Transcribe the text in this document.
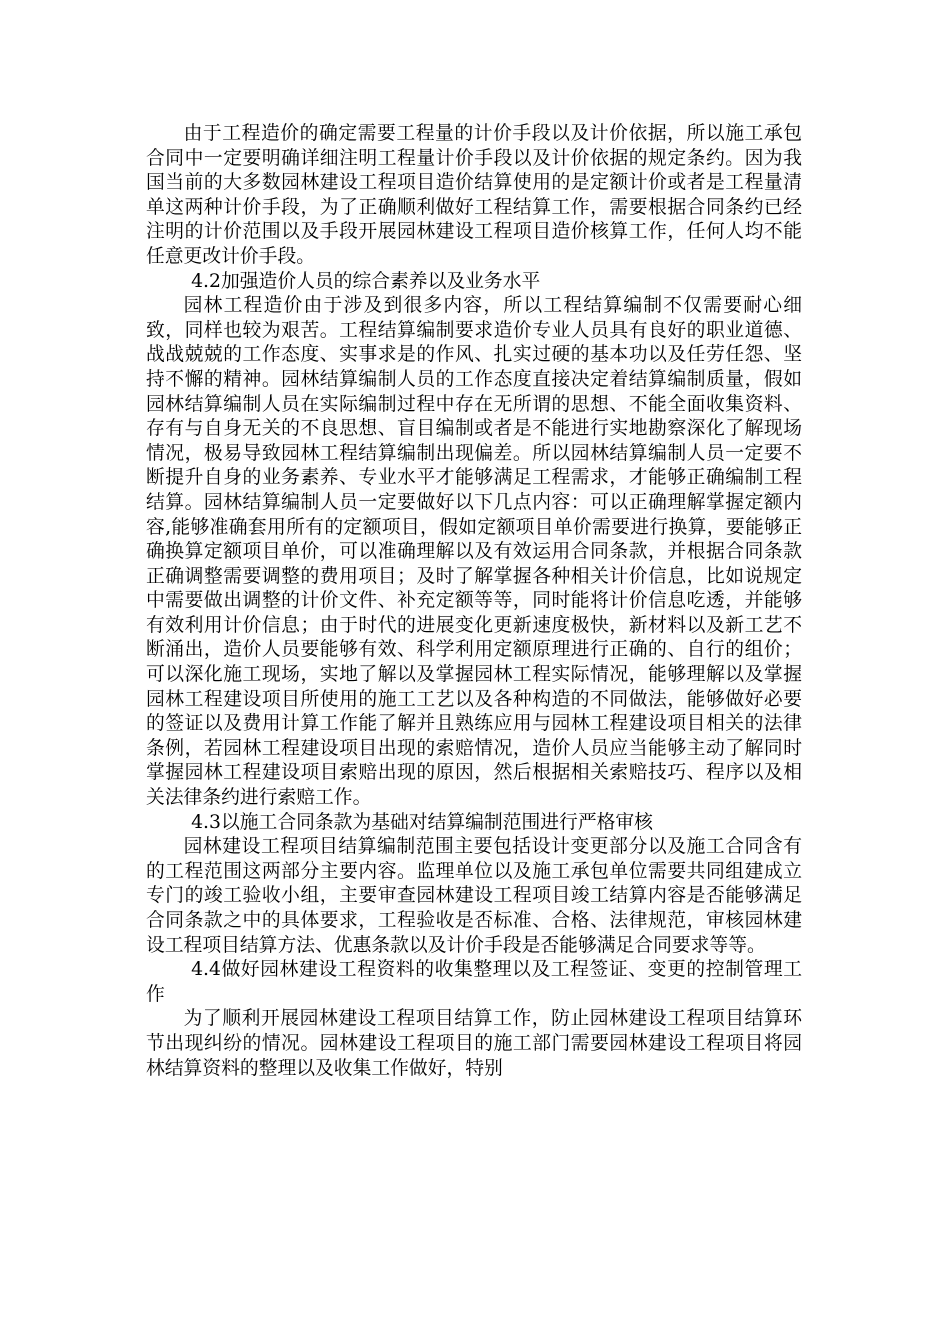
由于工程造价的确定需要工程量的计价手段以及计价依据，所以施工承包合同中一定要明确详细注明工程量计价手段以及计价依据的规定条约。因为我国当前的大多数园林建设工程项目造价结算使用的是定额计价或者是工程量清单这两种计价手段，为了正确顺利做好工程结算工作，需要根据合同条约已经注明的计价范围以及手段开展园林建设工程项目造价核算工作，任何人均不能任意更改计价手段。

4.2加强造价人员的综合素养以及业务水平

园林工程造价由于涉及到很多内容，所以工程结算编制不仅需要耐心细致，同样也较为艰苦。工程结算编制要求造价专业人员具有良好的职业道德、战战兢兢的工作态度、实事求是的作风、扎实过硬的基本功以及任劳任怨、坚持不懈的精神。园林结算编制人员的工作态度直接决定着结算编制质量，假如园林结算编制人员在实际编制过程中存在无所谓的思想、不能全面收集资料、存有与自身无关的不良思想、盲目编制或者是不能进行实地勘察深化了解现场情况，极易导致园林工程结算编制出现偏差。所以园林结算编制人员一定要不断提升自身的业务素养、专业水平才能够满足工程需求，才能够正确编制工程结算。园林结算编制人员一定要做好以下几点内容：可以正确理解掌握定额内容,能够准确套用所有的定额项目，假如定额项目单价需要进行换算，要能够正确换算定额项目单价，可以准确理解以及有效运用合同条款，并根据合同条款正确调整需要调整的费用项目；及时了解掌握各种相关计价信息，比如说规定中需要做出调整的计价文件、补充定额等等，同时能将计价信息吃透，并能够有效利用计价信息；由于时代的进展变化更新速度极快，新材料以及新工艺不断涌出，造价人员要能够有效、科学利用定额原理进行正确的、自行的组价；可以深化施工现场，实地了解以及掌握园林工程实际情况，能够理解以及掌握园林工程建设项目所使用的施工工艺以及各种构造的不同做法，能够做好必要的签证以及费用计算工作能了解并且熟练应用与园林工程建设项目相关的法律条例，若园林工程建设项目出现的索赔情况，造价人员应当能够主动了解同时掌握园林工程建设项目索赔出现的原因，然后根据相关索赔技巧、程序以及相关法律条约进行索赔工作。

4.3以施工合同条款为基础对结算编制范围进行严格审核

园林建设工程项目结算编制范围主要包括设计变更部分以及施工合同含有的工程范围这两部分主要内容。监理单位以及施工承包单位需要共同组建成立专门的竣工验收小组，主要审查园林建设工程项目竣工结算内容是否能够满足合同条款之中的具体要求，工程验收是否标准、合格、法律规范，审核园林建设工程项目结算方法、优惠条款以及计价手段是否能够满足合同要求等等。

4.4做好园林建设工程资料的收集整理以及工程签证、变更的控制管理工作

为了顺利开展园林建设工程项目结算工作，防止园林建设工程项目结算环节出现纠纷的情况。园林建设工程项目的施工部门需要园林建设工程项目将园林结算资料的整理以及收集工作做好，特别
